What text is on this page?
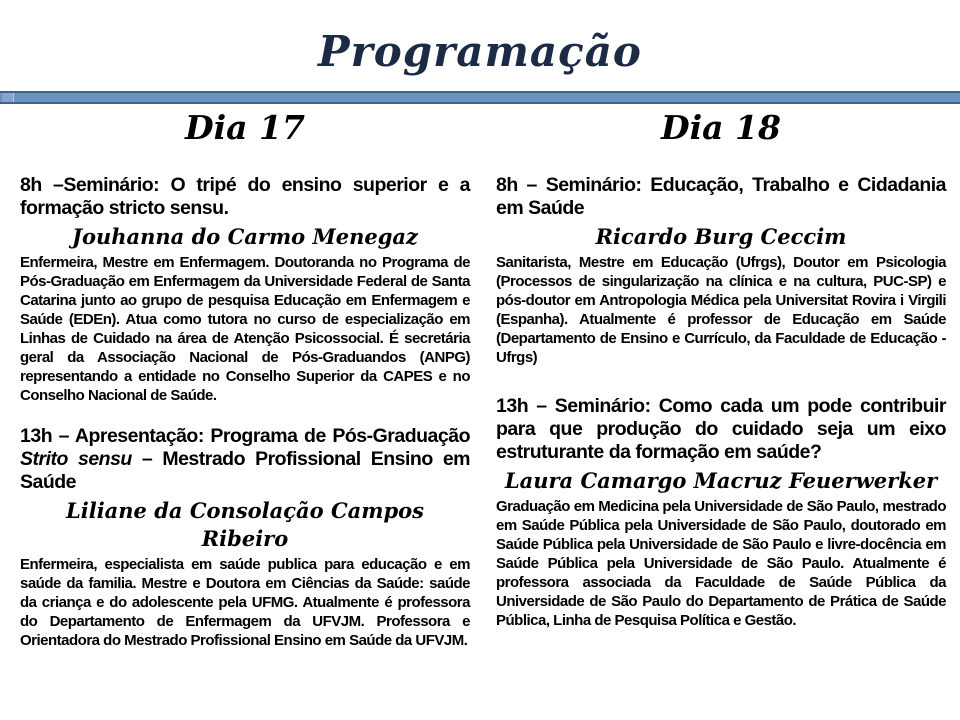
Programação
Dia 17

8h –Seminário: O tripé do ensino superior e a formação stricto sensu.

Jouhanna do Carmo Menegaz

Enfermeira, Mestre em Enfermagem. Doutoranda no Programa de Pós-Graduação em Enfermagem da Universidade Federal de Santa Catarina junto ao grupo de pesquisa Educação em Enfermagem e Saúde (EDEn). Atua como tutora no curso de especialização em Linhas de Cuidado na área de Atenção Psicossocial. É secretária geral da Associação Nacional de Pós-Graduandos (ANPG) representando a entidade no Conselho Superior da CAPES e no Conselho Nacional de Saúde.

13h – Apresentação: Programa de Pós-Graduação Strito sensu – Mestrado Profissional Ensino em Saúde

Liliane da Consolação Campos Ribeiro

Enfermeira, especialista em saúde publica para educação e em saúde da familia. Mestre e Doutora em Ciências da Saúde: saúde da criança e do adolescente pela UFMG. Atualmente é professora do Departamento de Enfermagem da UFVJM. Professora e Orientadora do Mestrado Profissional Ensino em Saúde da UFVJM.

Dia 18

8h – Seminário: Educação, Trabalho e Cidadania em Saúde

Ricardo Burg Ceccim

Sanitarista, Mestre em Educação (Ufrgs), Doutor em Psicologia (Processos de singularização na clínica e na cultura, PUC-SP) e pós-doutor em Antropologia Médica pela Universitat Rovira i Virgili (Espanha). Atualmente é professor de Educação em Saúde (Departamento de Ensino e Currículo, da Faculdade de Educação - Ufrgs)

13h – Seminário: Como cada um pode contribuir para que produção do cuidado seja um eixo estruturante da formação em saúde?

Laura Camargo Macruz Feuerwerker

Graduação em Medicina pela Universidade de São Paulo, mestrado em Saúde Pública pela Universidade de São Paulo, doutorado em Saúde Pública pela Universidade de São Paulo e livre-docência em Saúde Pública pela Universidade de São Paulo. Atualmente é professora associada da Faculdade de Saúde Pública da Universidade de São Paulo do Departamento de Prática de Saúde Pública, Linha de Pesquisa Política e Gestão.
